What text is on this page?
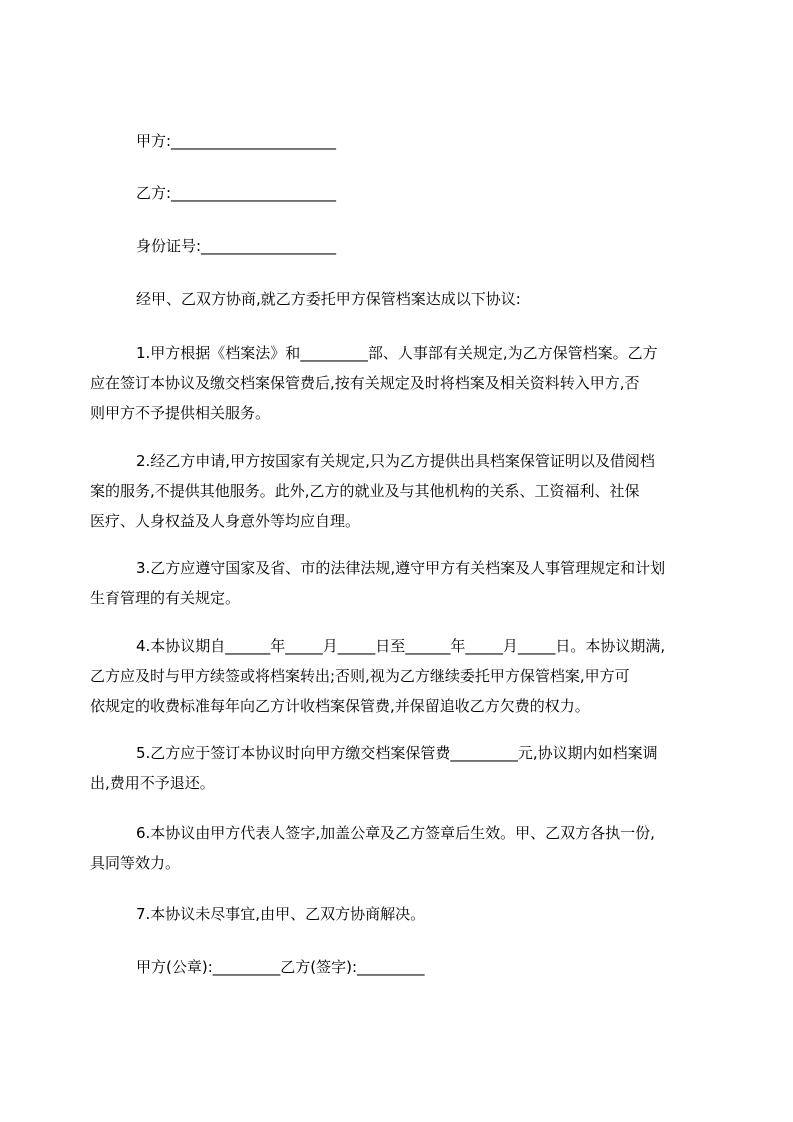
甲方:______________________
乙方:______________________
身份证号:__________________
经甲、乙双方协商,就乙方委托甲方保管档案达成以下协议:
1.甲方根据《档案法》和_________部、人事部有关规定,为乙方保管档案。乙方
应在签订本协议及缴交档案保管费后,按有关规定及时将档案及相关资料转入甲方,否
则甲方不予提供相关服务。
2.经乙方申请,甲方按国家有关规定,只为乙方提供出具档案保管证明以及借阅档
案的服务,不提供其他服务。此外,乙方的就业及与其他机构的关系、工资福利、社保
医疗、人身权益及人身意外等均应自理。
3.乙方应遵守国家及省、市的法律法规,遵守甲方有关档案及人事管理规定和计划
生育管理的有关规定。
4.本协议期自______年_____月_____日至______年_____月_____日。本协议期满,
乙方应及时与甲方续签或将档案转出;否则,视为乙方继续委托甲方保管档案,甲方可
依规定的收费标准每年向乙方计收档案保管费,并保留追收乙方欠费的权力。
5.乙方应于签订本协议时向甲方缴交档案保管费_________元,协议期内如档案调
出,费用不予退还。
6.本协议由甲方代表人签字,加盖公章及乙方签章后生效。甲、乙双方各执一份,
具同等效力。
7.本协议未尽事宜,由甲、乙双方协商解决。
甲方(公章):_________乙方(签字):_________
